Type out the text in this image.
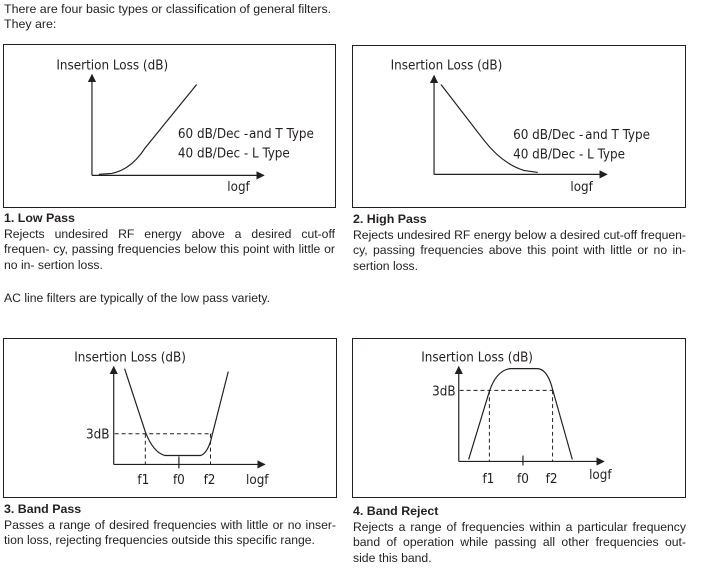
There are four basic types or classification of general filters.
They are:
Insertion Loss (dB)
logf
60 dB/Dec - and T Type
40 dB/Dec - L Type
1. Low Pass
Rejects undesired RF energy above a desired cut-off frequen- cy, passing frequencies below this point with little or no in- sertion loss.
Insertion Loss (dB)
logf
60 dB/Dec - and T Type
40 dB/Dec - L Type
2. High Pass
Rejects undesired RF energy below a desired cut-off frequen- cy, passing frequencies above this point with little or no in- sertion loss.
AC line filters are typically of the low pass variety.
Insertion Loss (dB)
3dB
f1 f0 f2 logf
3. Band Pass
Passes a range of desired frequencies with little or no inser- tion loss, rejecting frequencies outside this specific range.
Insertion Loss (dB)
3dB
f1 f0 f2 logf
4. Band Reject
Rejects a range of frequencies within a particular frequency band of operation while passing all other frequencies out- side this band.
